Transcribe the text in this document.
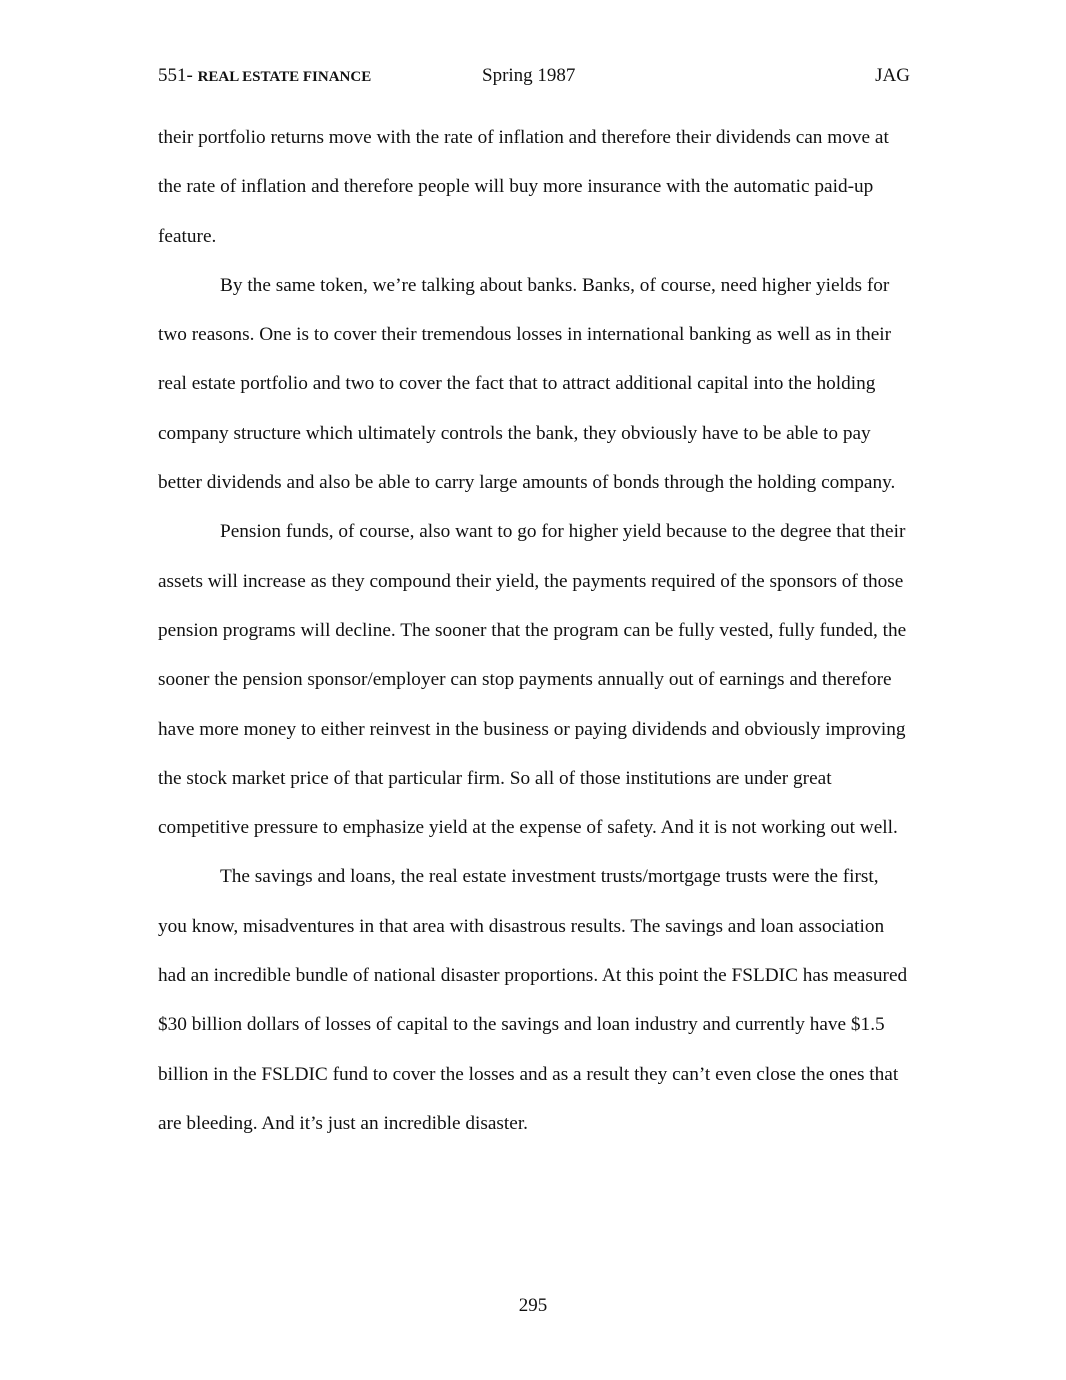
551- REAL ESTATE FINANCE	Spring 1987	JAG

their portfolio returns move with the rate of inflation and therefore their dividends can move at the rate of inflation and therefore people will buy more insurance with the automatic paid-up feature.

By the same token, we’re talking about banks. Banks, of course, need higher yields for two reasons. One is to cover their tremendous losses in international banking as well as in their real estate portfolio and two to cover the fact that to attract additional capital into the holding company structure which ultimately controls the bank, they obviously have to be able to pay better dividends and also be able to carry large amounts of bonds through the holding company.

Pension funds, of course, also want to go for higher yield because to the degree that their assets will increase as they compound their yield, the payments required of the sponsors of those pension programs will decline. The sooner that the program can be fully vested, fully funded, the sooner the pension sponsor/employer can stop payments annually out of earnings and therefore have more money to either reinvest in the business or paying dividends and obviously improving the stock market price of that particular firm. So all of those institutions are under great competitive pressure to emphasize yield at the expense of safety. And it is not working out well.

The savings and loans, the real estate investment trusts/mortgage trusts were the first, you know, misadventures in that area with disastrous results. The savings and loan association had an incredible bundle of national disaster proportions. At this point the FSLDIC has measured $30 billion dollars of losses of capital to the savings and loan industry and currently have $1.5 billion in the FSLDIC fund to cover the losses and as a result they can’t even close the ones that are bleeding. And it’s just an incredible disaster.

295
